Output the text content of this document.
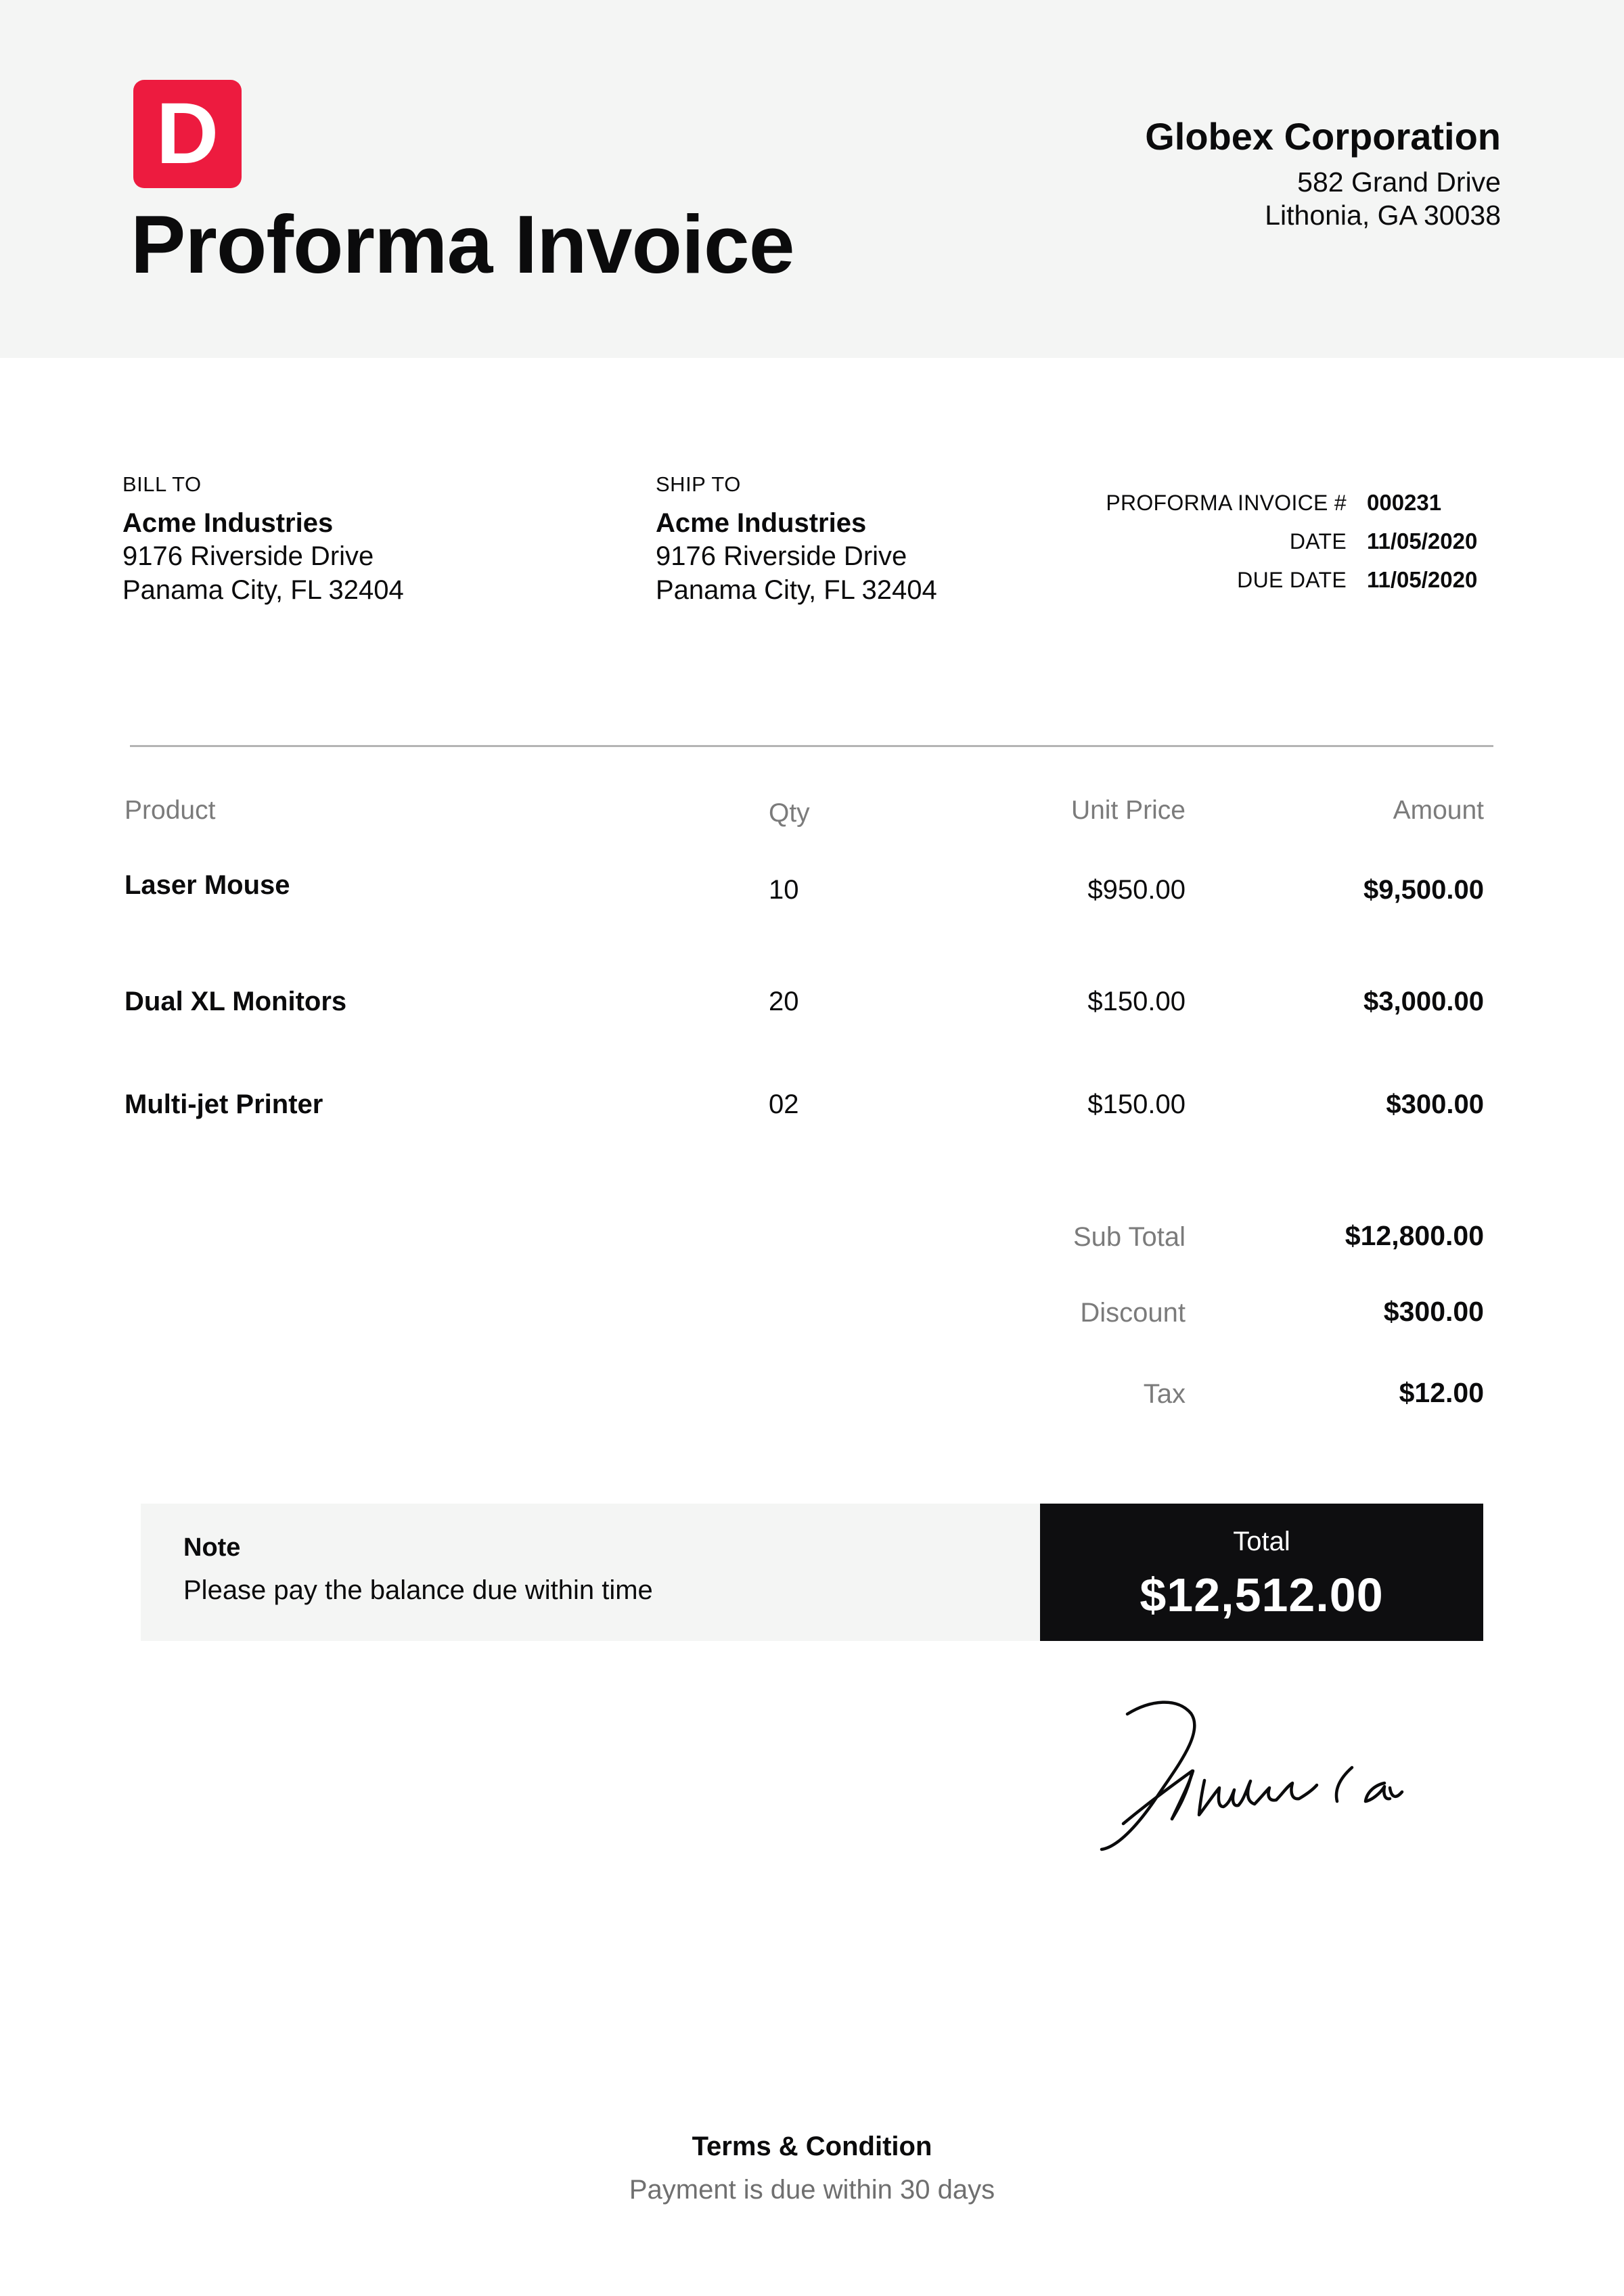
D
Proforma Invoice
Globex Corporation
582 Grand Drive
Lithonia, GA 30038
BILL TO
Acme Industries
9176 Riverside Drive
Panama City, FL 32404
SHIP TO
Acme Industries
9176 Riverside Drive
Panama City, FL 32404
PROFORMA INVOICE # 000231
DATE 11/05/2020
DUE DATE 11/05/2020
Product	Qty	Unit Price	Amount
Laser Mouse	10	$950.00	$9,500.00
Dual XL Monitors	20	$150.00	$3,000.00
Multi-jet Printer	02	$150.00	$300.00
Sub Total	$12,800.00
Discount	$300.00
Tax	$12.00
Note
Please pay the balance due within time
Total
$12,512.00
Terms & Condition
Payment is due within 30 days
